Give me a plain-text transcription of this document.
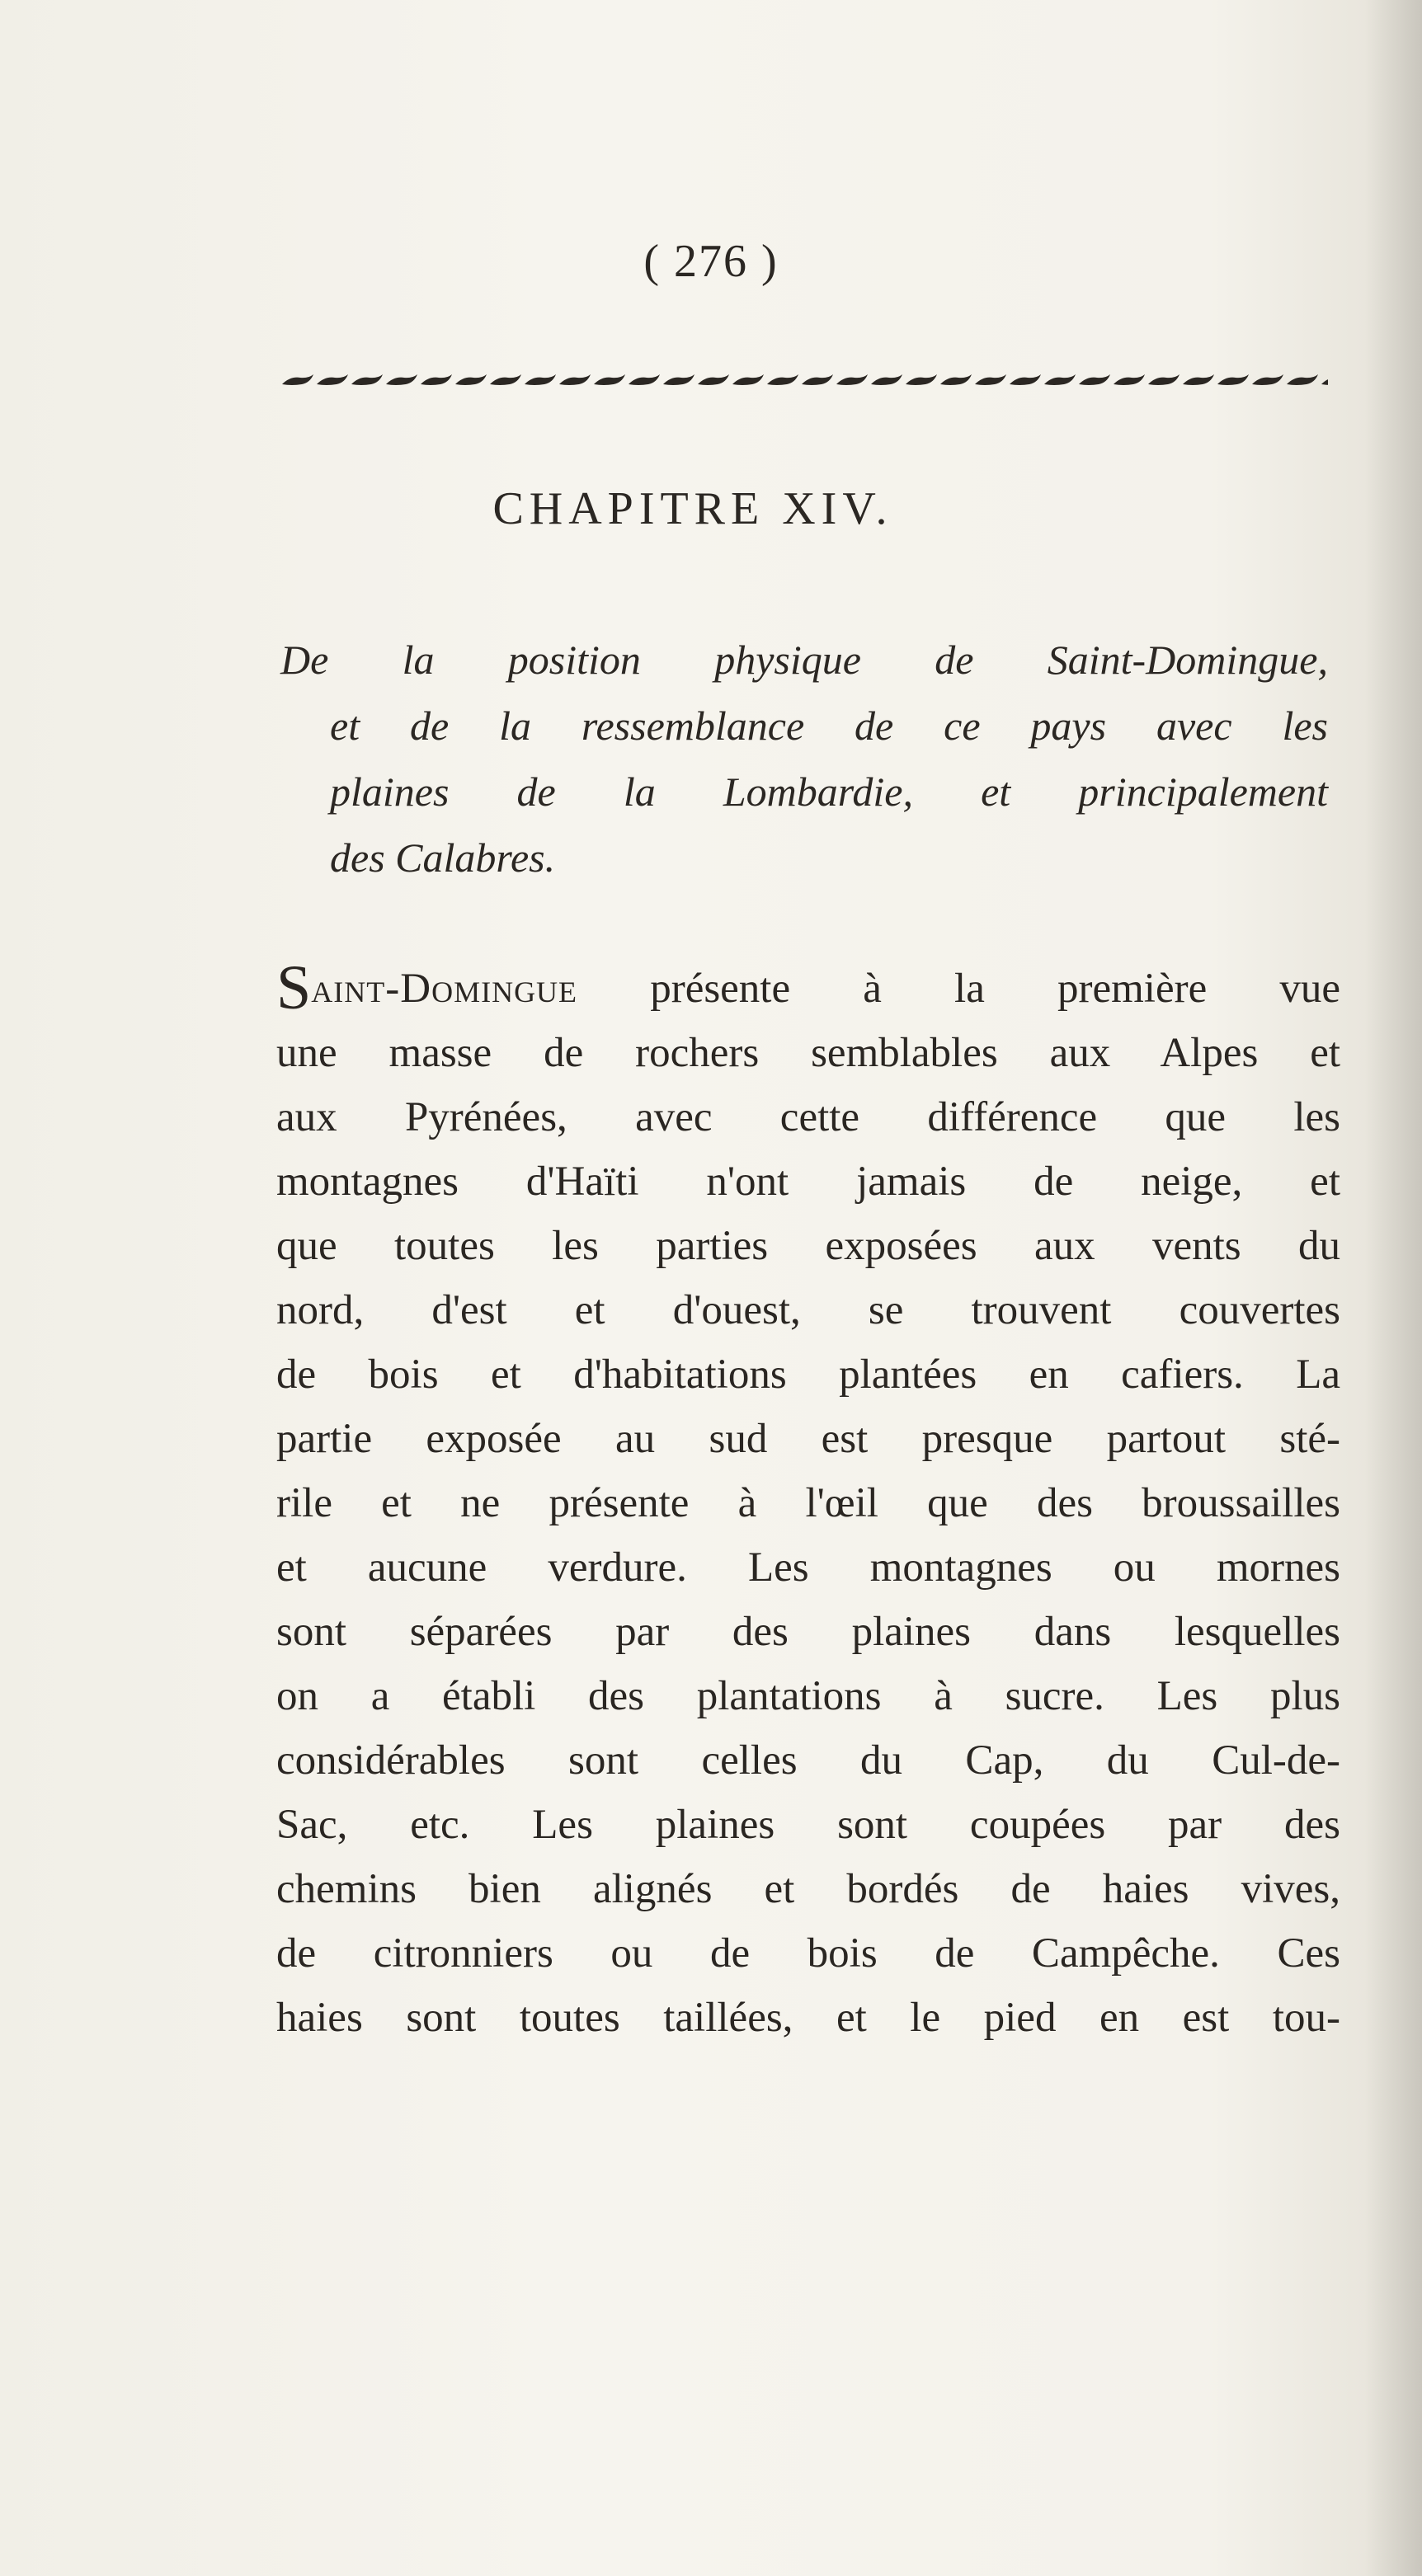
( 276 )
CHAPITRE XIV.
De la position physique de Saint-Domingue,
et de la ressemblance de ce pays avec les
plaines de la Lombardie, et principalement
des Calabres.
Saint-Domingue présente à la première vue
une masse de rochers semblables aux Alpes et
aux Pyrénées, avec cette différence que les
montagnes d'Haïti n'ont jamais de neige, et
que toutes les parties exposées aux vents du
nord, d'est et d'ouest, se trouvent couvertes
de bois et d'habitations plantées en cafiers. La
partie exposée au sud est presque partout sté-
rile et ne présente à l'œil que des broussailles
et aucune verdure. Les montagnes ou mornes
sont séparées par des plaines dans lesquelles
on a établi des plantations à sucre. Les plus
considérables sont celles du Cap, du Cul-de-
Sac, etc. Les plaines sont coupées par des
chemins bien alignés et bordés de haies vives,
de citronniers ou de bois de Campêche. Ces
haies sont toutes taillées, et le pied en est tou-
